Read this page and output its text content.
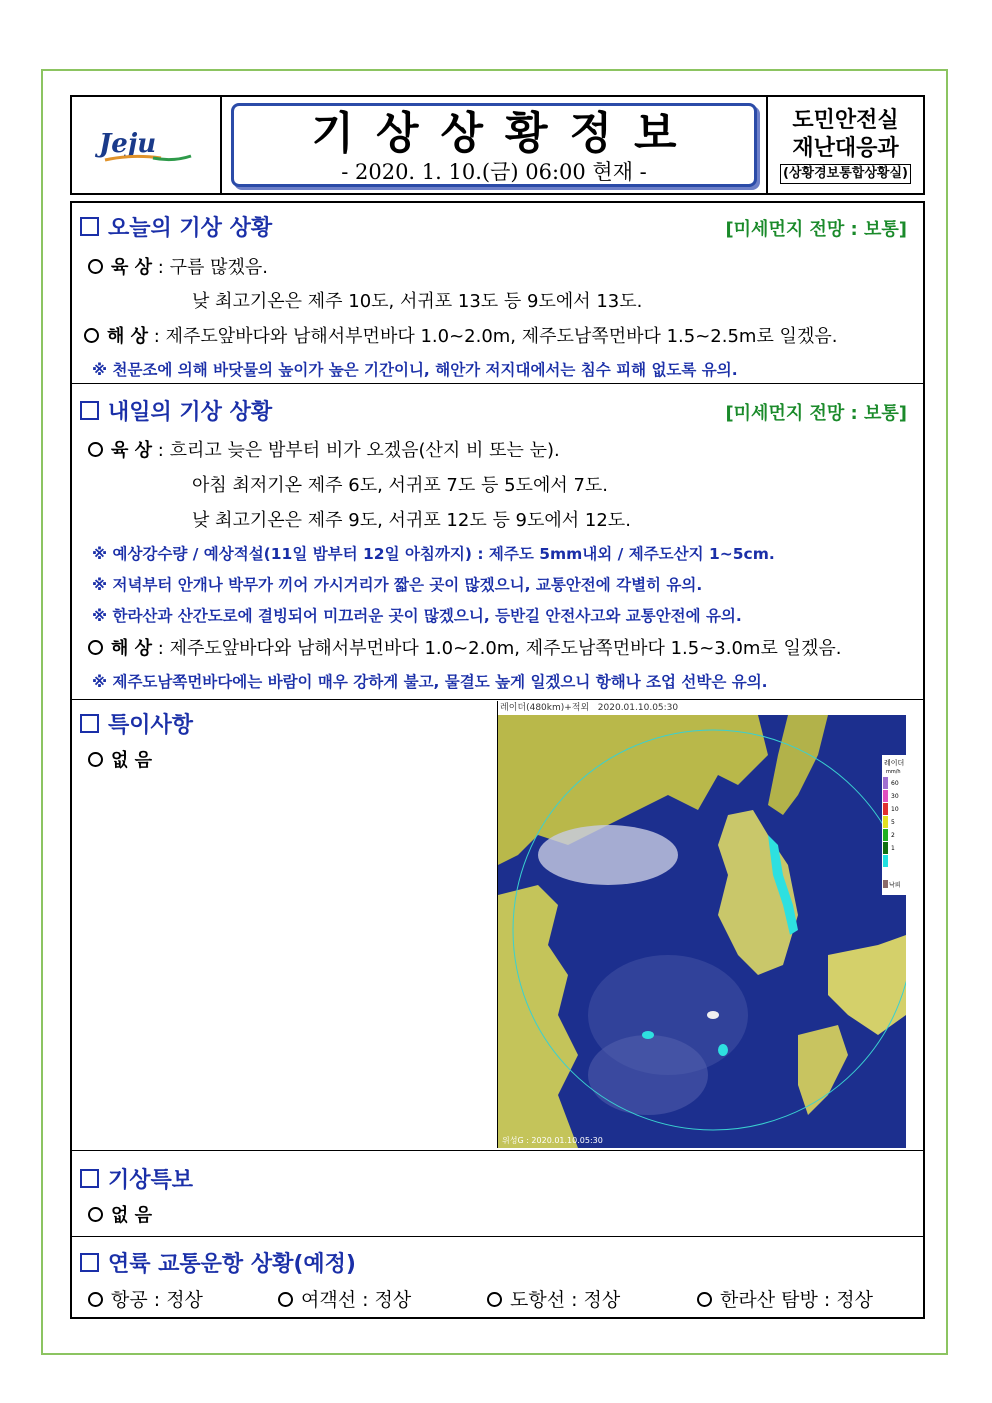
Jeju	기상상황정보
- 2020. 1. 10.(금) 06:00 현재 -
도민안전실
재난대응과
(상황경보통합상황실)
오늘의 기상 상황	[미세먼지 전망 : 보통]
육 상 : 구름 많겠음.
낮 최고기온은 제주 10도, 서귀포 13도 등 9도에서 13도.
해 상 : 제주도앞바다와 남해서부먼바다 1.0~2.0m, 제주도남쪽먼바다 1.5~2.5m로 일겠음.
※ 천문조에 의해 바닷물의 높이가 높은 기간이니, 해안가 저지대에서는 침수 피해 없도록 유의.
내일의 기상 상황	[미세먼지 전망 : 보통]
육 상 : 흐리고 늦은 밤부터 비가 오겠음(산지 비 또는 눈).
아침 최저기온 제주 6도, 서귀포 7도 등 5도에서 7도.
낮 최고기온은 제주 9도, 서귀포 12도 등 9도에서 12도.
※ 예상강수량 / 예상적설(11일 밤부터 12일 아침까지) : 제주도 5mm내외 / 제주도산지 1~5cm.
※ 저녁부터 안개나 박무가 끼어 가시거리가 짧은 곳이 많겠으니, 교통안전에 각별히 유의.
※ 한라산과 산간도로에 결빙되어 미끄러운 곳이 많겠으니, 등반길 안전사고와 교통안전에 유의.
해 상 : 제주도앞바다와 남해서부먼바다 1.0~2.0m, 제주도남쪽먼바다 1.5~3.0m로 일겠음.
※ 제주도남쪽먼바다에는 바람이 매우 강하게 불고, 물결도 높게 일겠으니 항해나 조업 선박은 유의.
특이사항
없 음
레이더(480km)+적외 2020.01.10.05:30
레이더
mm/h
60
30
10
5
2
1
낙뢰
위성G : 2020.01.10.05:30
기상특보
없 음
연륙 교통운항 상황(예정)
항공 : 정상	여객선 : 정상	도항선 : 정상	한라산 탐방 : 정상
